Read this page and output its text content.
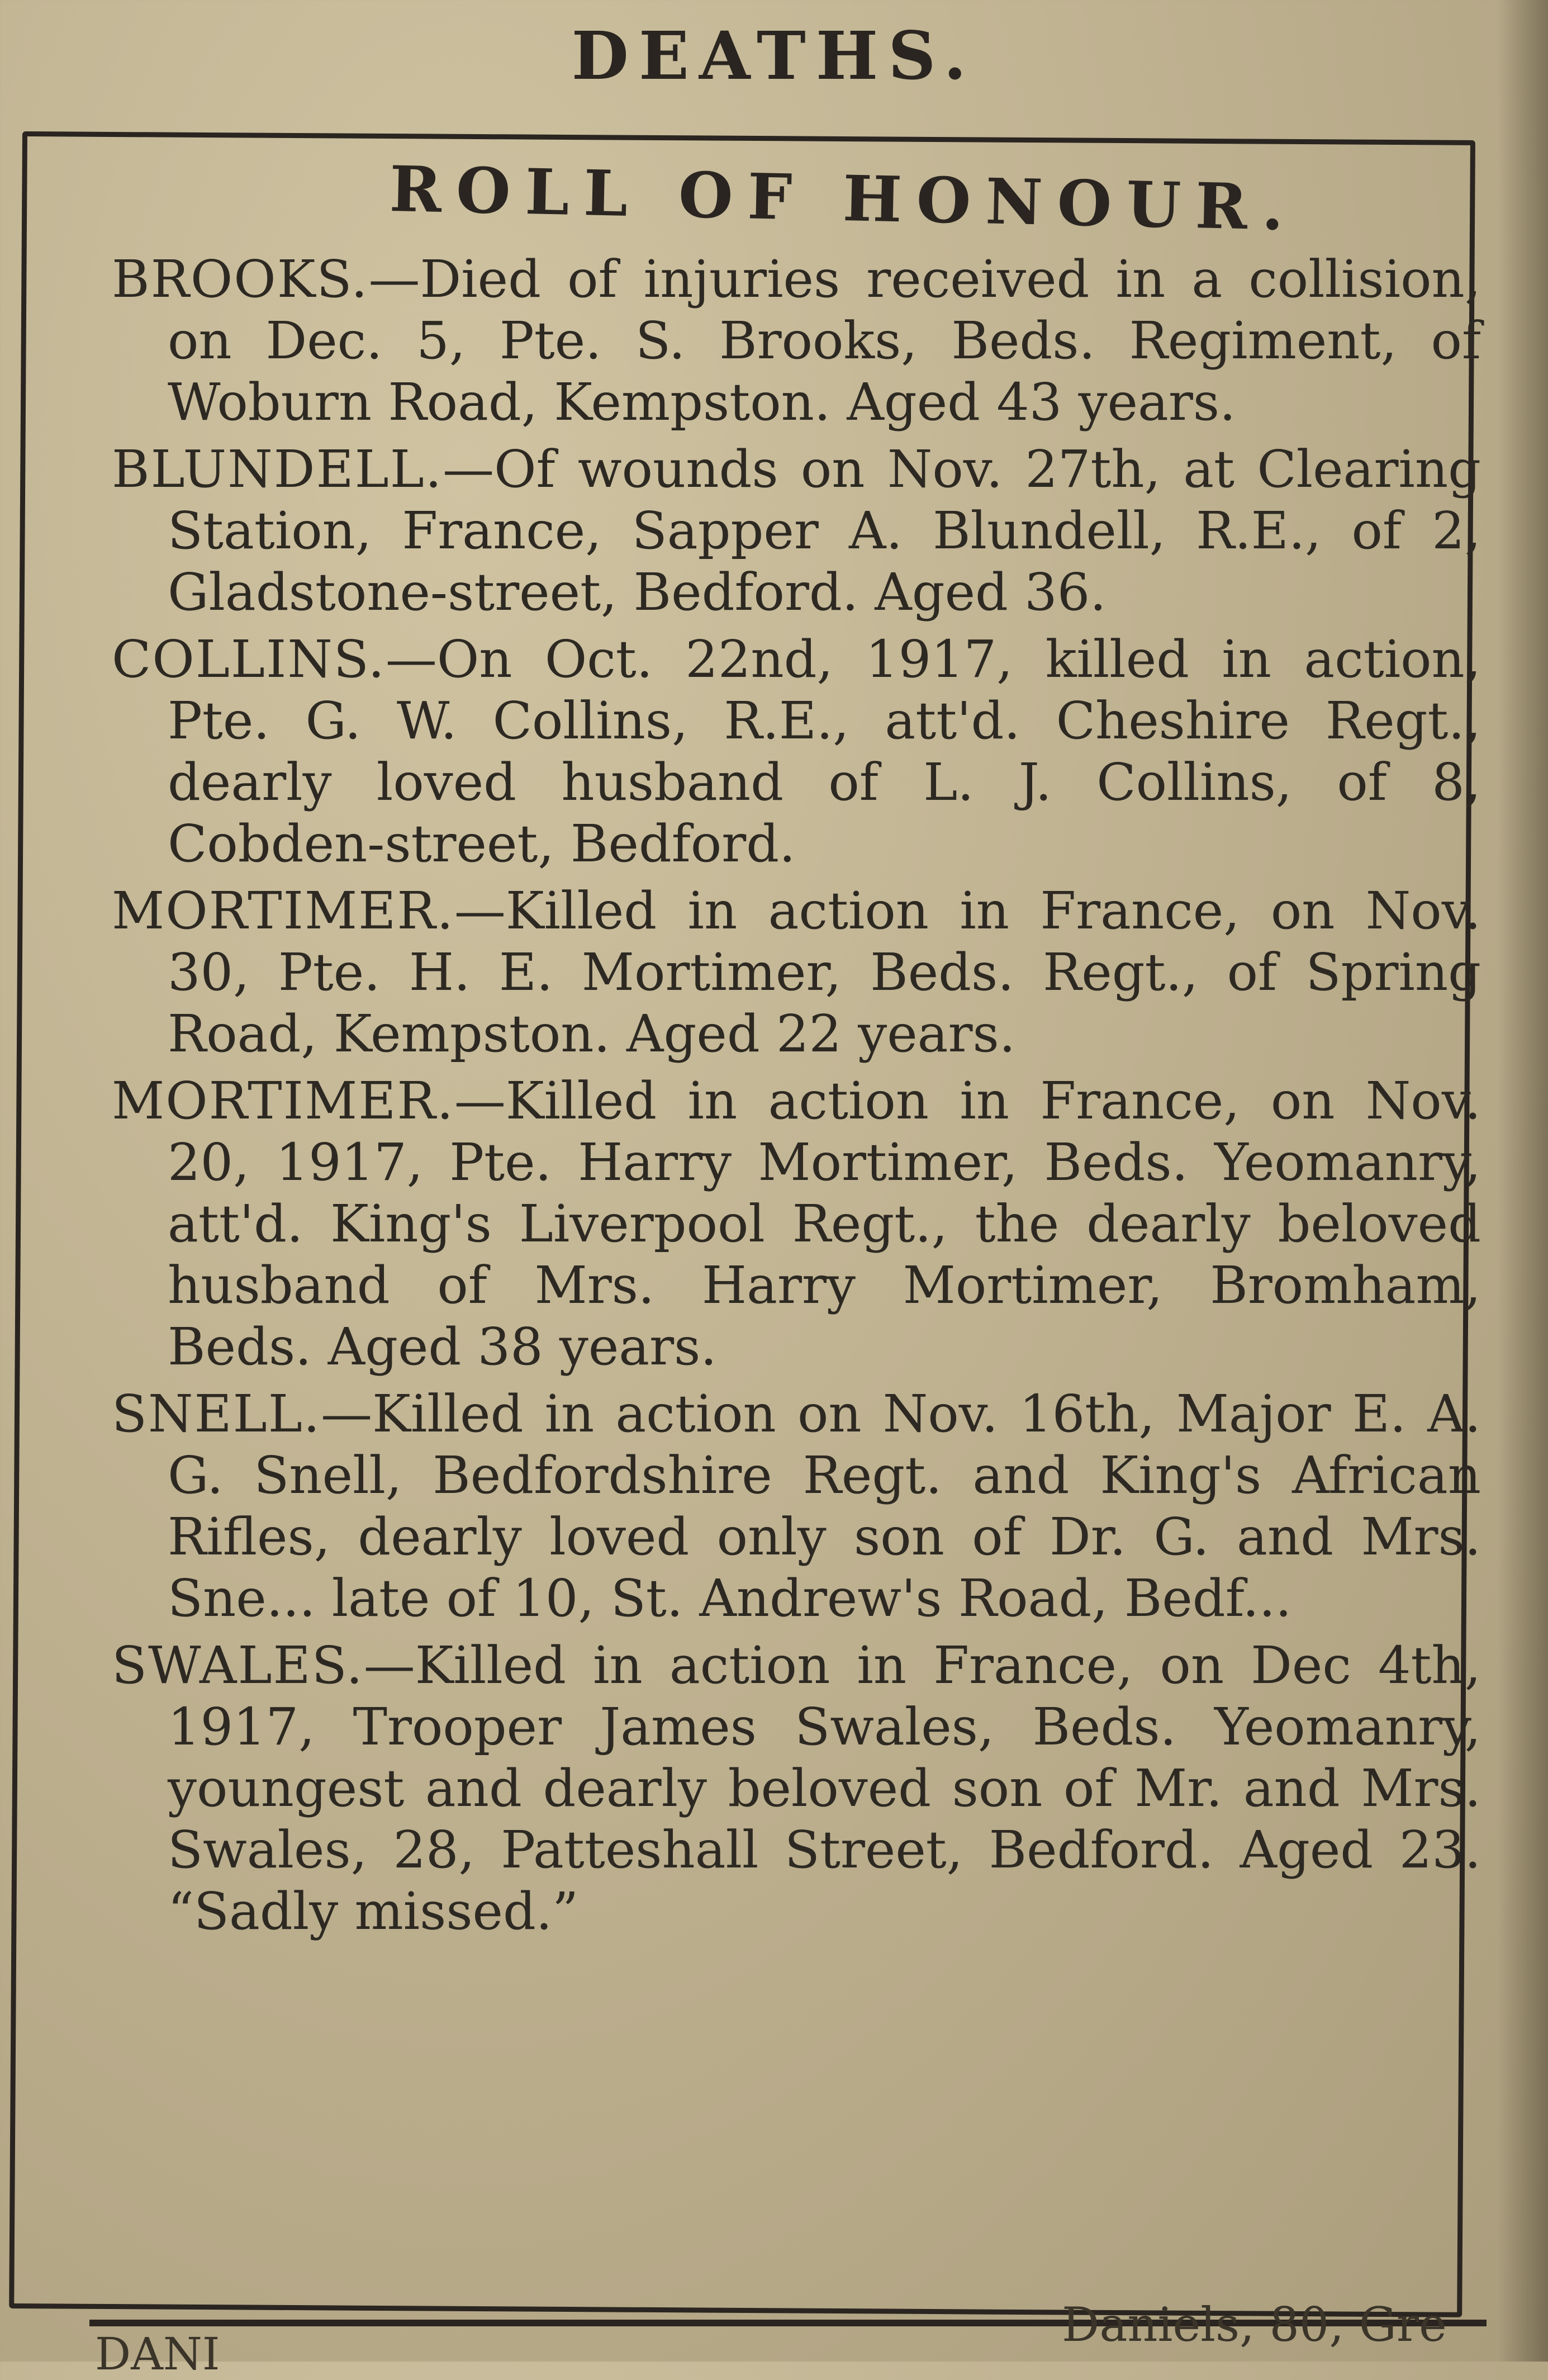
DEATHS.
ROLL OF HONOUR.

BROOKS.—Died of injuries received in a collision, on Dec. 5, Pte. S. Brooks, Beds. Regiment, of Woburn Road, Kempston. Aged 43 years.

BLUNDELL.—Of wounds on Nov. 27th, at Clearing Station, France, Sapper A. Blundell, R.E., of 2, Gladstone-street, Bedford. Aged 36.

COLLINS.—On Oct. 22nd, 1917, killed in action, Pte. G. W. Collins, R.E., att'd. Cheshire Regt., dearly loved husband of L. J. Collins, of 8, Cobden-street, Bedford.

MORTIMER.—Killed in action in France, on Nov. 30, Pte. H. E. Mortimer, Beds. Regt., of Spring Road, Kempston. Aged 22 years.

MORTIMER.—Killed in action in France, on Nov. 20, 1917, Pte. Harry Mortimer, Beds. Yeomanry, att'd. King's Liverpool Regt., the dearly beloved husband of Mrs. Harry Mortimer, Bromham, Beds. Aged 38 years.

SNELL.—Killed in action on Nov. 16th, Major E. A. G. Snell, Bedfordshire Regt. and King's African Rifles, dearly loved only son of Dr. G. and Mrs. Sne... late of 10, St. Andrew's Road, Bedf...

SWALES.—Killed in action in France, on Dec 4th, 1917, Trooper James Swales, Beds. Yeomanry, youngest and dearly beloved son of Mr. and Mrs. Swales, 28, Patteshall Street, Bedford. Aged 23. “Sadly missed.”

DANI
Daniels, 80, Gre
